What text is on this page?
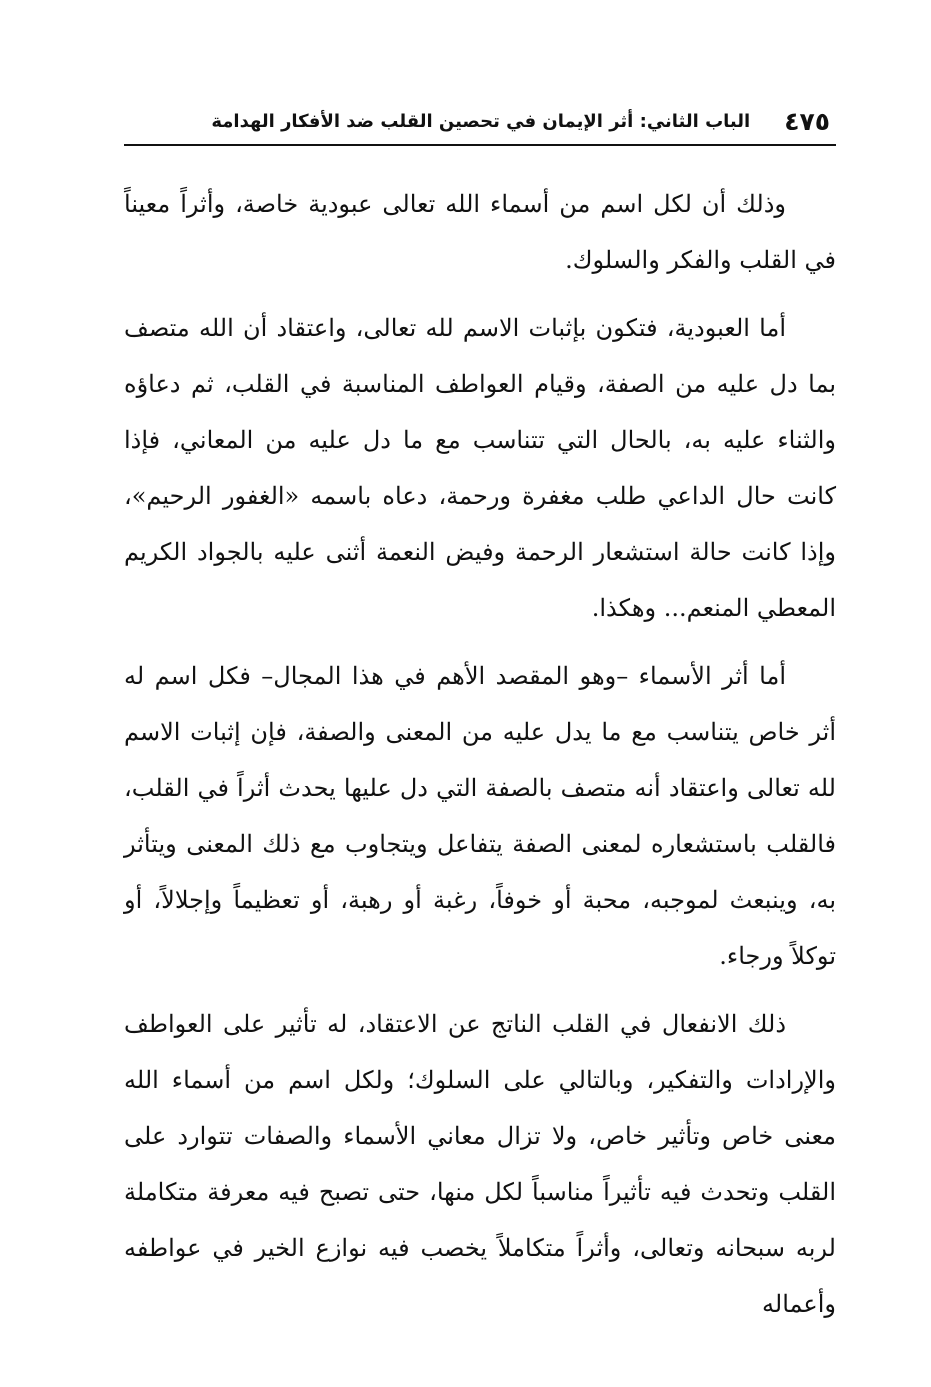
٤٧٥
الباب الثاني: أثر الإيمان في تحصين القلب ضد الأفكار الهدامة

وذلك أن لكل اسم من أسماء الله تعالى عبودية خاصة، وأثراً معيناً في القلب والفكر والسلوك.

أما العبودية، فتكون بإثبات الاسم لله تعالى، واعتقاد أن الله متصف بما دل عليه من الصفة، وقيام العواطف المناسبة في القلب، ثم دعاؤه والثناء عليه به، بالحال التي تتناسب مع ما دل عليه من المعاني، فإذا كانت حال الداعي طلب مغفرة ورحمة، دعاه باسمه «الغفور الرحيم»، وإذا كانت حالة استشعار الرحمة وفيض النعمة أثنى عليه بالجواد الكريم المعطي المنعم... وهكذا.

أما أثر الأسماء –وهو المقصد الأهم في هذا المجال– فكل اسم له أثر خاص يتناسب مع ما يدل عليه من المعنى والصفة، فإن إثبات الاسم لله تعالى واعتقاد أنه متصف بالصفة التي دل عليها يحدث أثراً في القلب، فالقلب باستشعاره لمعنى الصفة يتفاعل ويتجاوب مع ذلك المعنى ويتأثر به، وينبعث لموجبه، محبة أو خوفاً، رغبة أو رهبة، أو تعظيماً وإجلالاً، أو توكلاً ورجاء.

ذلك الانفعال في القلب الناتج عن الاعتقاد، له تأثير على العواطف والإرادات والتفكير، وبالتالي على السلوك؛ ولكل اسم من أسماء الله معنى خاص وتأثير خاص، ولا تزال معاني الأسماء والصفات تتوارد على القلب وتحدث فيه تأثيراً مناسباً لكل منها، حتى تصبح فيه معرفة متكاملة لربه سبحانه وتعالى، وأثراً متكاملاً يخصب فيه نوازع الخير في عواطفه وأعماله
